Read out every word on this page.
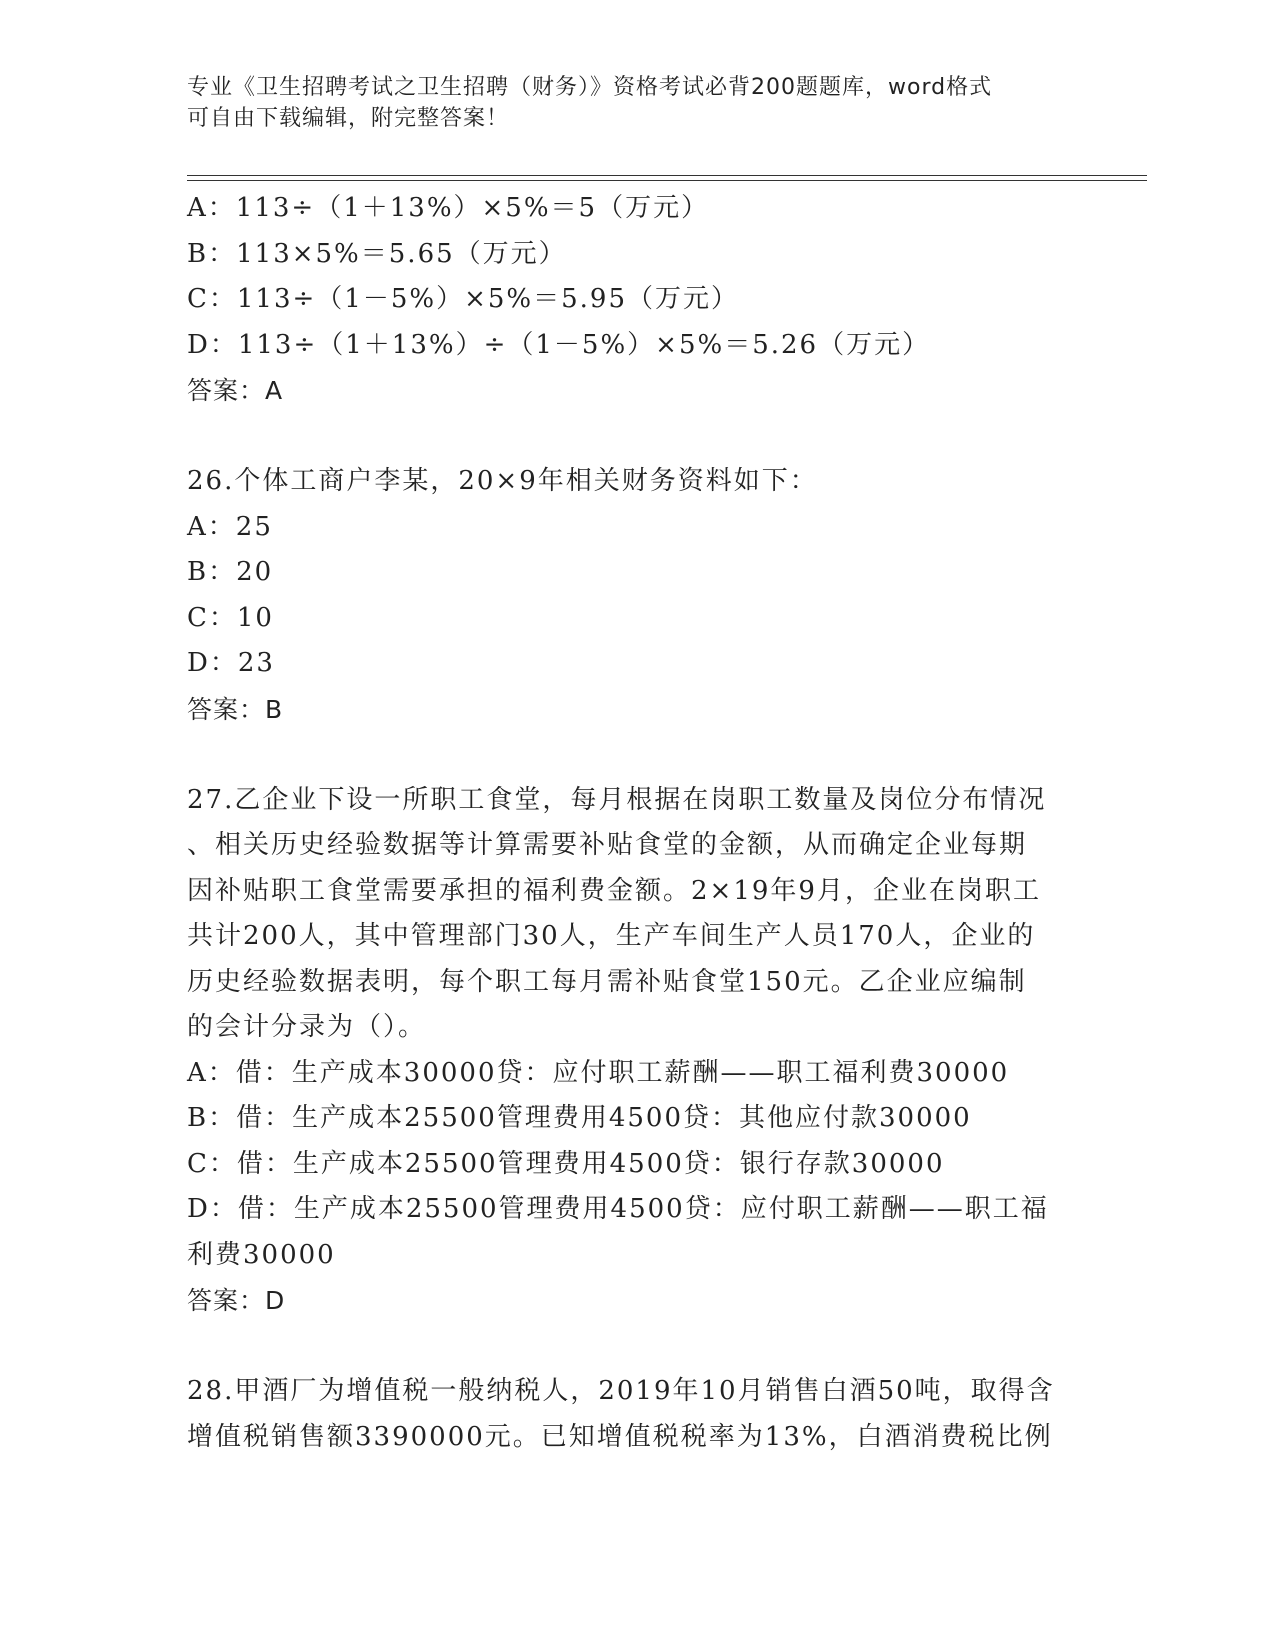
专业《卫生招聘考试之卫生招聘（财务）》资格考试必背200题题库，word格式
可自由下载编辑，附完整答案！
A：113÷（1＋13%）×5%＝5（万元）
B：113×5%＝5.65（万元）
C：113÷（1－5%）×5%＝5.95（万元）
D：113÷（1＋13%）÷（1－5%）×5%＝5.26（万元）
答案：A
26.个体工商户李某，20×9年相关财务资料如下：
A：25
B：20
C：10
D：23
答案：B
27.乙企业下设一所职工食堂，每月根据在岗职工数量及岗位分布情况
、相关历史经验数据等计算需要补贴食堂的金额，从而确定企业每期
因补贴职工食堂需要承担的福利费金额。2×19年9月，企业在岗职工
共计200人，其中管理部门30人，生产车间生产人员170人，企业的
历史经验数据表明，每个职工每月需补贴食堂150元。乙企业应编制
的会计分录为（）。
A：借：生产成本30000贷：应付职工薪酬——职工福利费30000
B：借：生产成本25500管理费用4500贷：其他应付款30000
C：借：生产成本25500管理费用4500贷：银行存款30000
D：借：生产成本25500管理费用4500贷：应付职工薪酬——职工福
利费30000
答案：D
28.甲酒厂为增值税一般纳税人，2019年10月销售白酒50吨，取得含
增值税销售额3390000元。已知增值税税率为13%，白酒消费税比例
